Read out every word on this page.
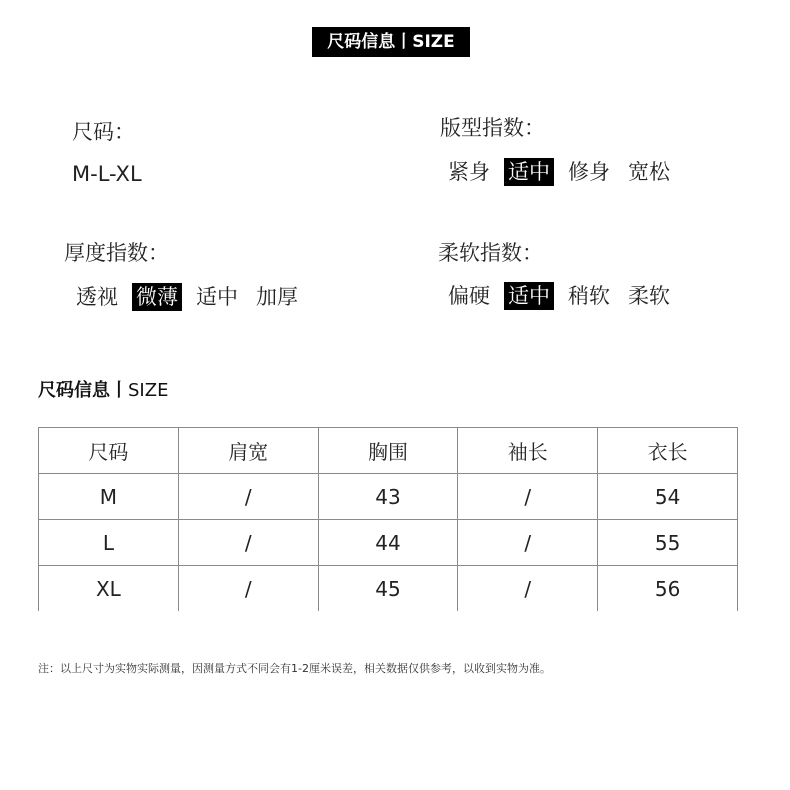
尺码信息丨SIZE
尺码：
M-L-XL
版型指数：
紧身 适中 修身 宽松
厚度指数：
透视 微薄 适中 加厚
柔软指数：
偏硬 适中 稍软 柔软
尺码信息丨SIZE
尺码	肩宽	胸围	袖长	衣长
M	/	43	/	54
L	/	44	/	55
XL	/	45	/	56
注：以上尺寸为实物实际测量，因测量方式不同会有1-2厘米误差，相关数据仅供参考，以收到实物为准。
